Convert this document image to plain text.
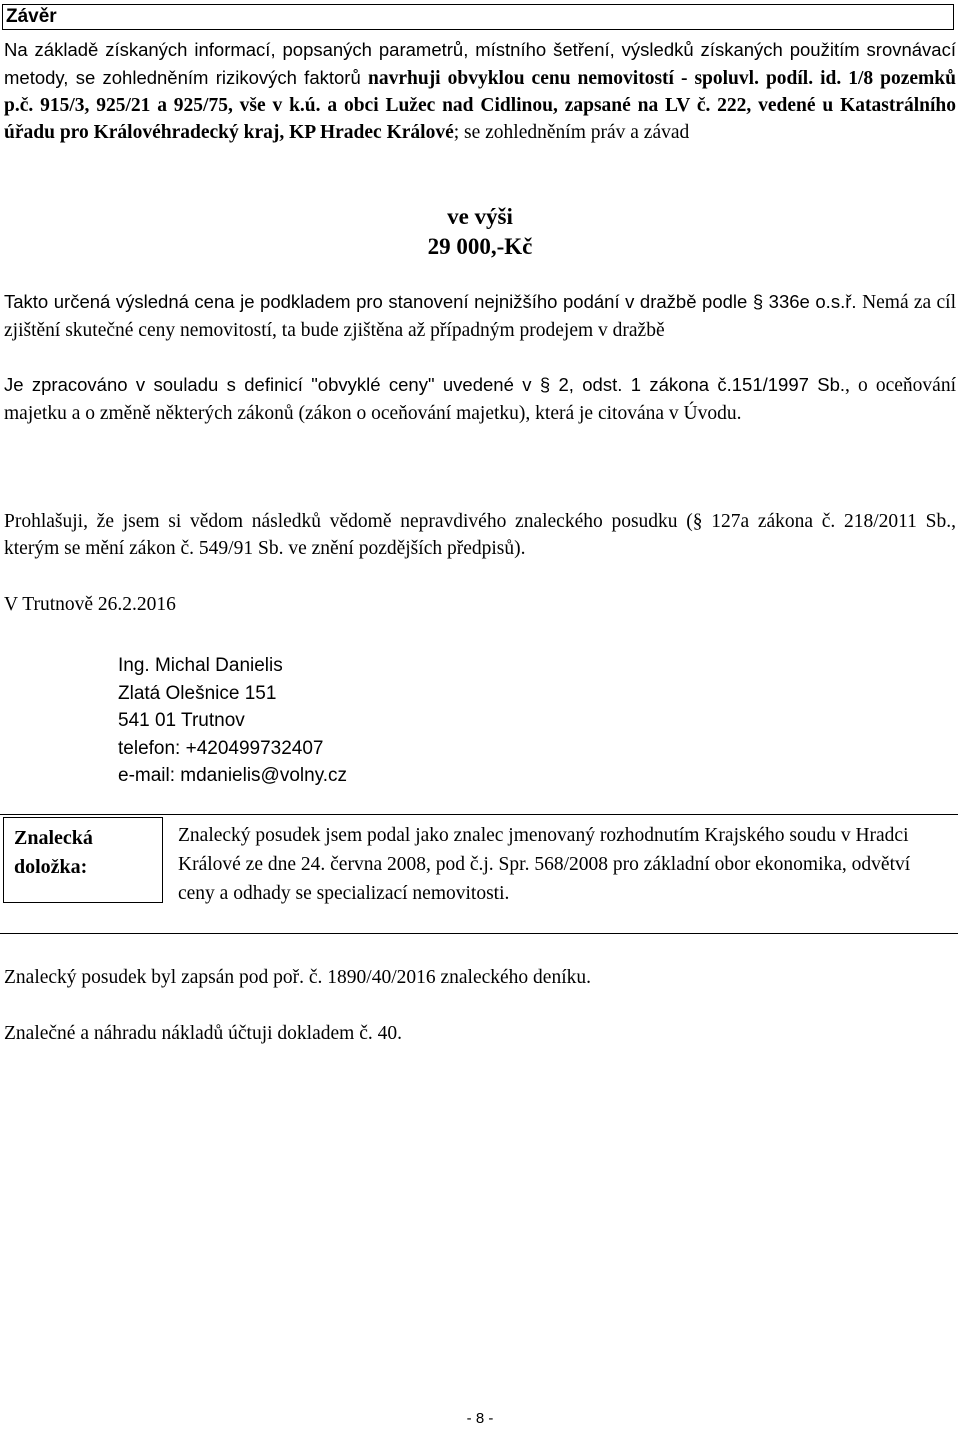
Závěr
Na základě získaných informací, popsaných parametrů, místního šetření, výsledků získaných použitím srovnávací metody, se zohledněním rizikových faktorů navrhuji obvyklou cenu nemovitostí - spoluvl. podíl. id. 1/8 pozemků p.č. 915/3, 925/21 a 925/75, vše v k.ú. a obci Lužec nad Cidlinou, zapsané na LV č. 222, vedené u Katastrálního úřadu pro Královéhradecký kraj, KP Hradec Králové; se zohledněním práv a závad
ve výši
29 000,-Kč
Takto určená výsledná cena je podkladem pro stanovení nejnižšího podání v dražbě podle § 336e o.s.ř. Nemá za cíl zjištění skutečné ceny nemovitostí, ta bude zjištěna až případným prodejem v dražbě
Je zpracováno v souladu s definicí "obvyklé ceny" uvedené v § 2, odst. 1 zákona č.151/1997 Sb., o oceňování majetku a o změně některých zákonů (zákon o oceňování majetku), která je citována v Úvodu.
Prohlašuji, že jsem si vědom následků vědomě nepravdivého znaleckého posudku (§ 127a zákona č. 218/2011 Sb., kterým se mění zákon č. 549/91 Sb. ve znění pozdějších předpisů).
V Trutnově 26.2.2016
Ing. Michal Danielis
Zlatá Olešnice 151
541 01 Trutnov
telefon: +420499732407
e-mail: mdanielis@volny.cz
Znalecká
doložka:
Znalecký posudek jsem podal jako znalec jmenovaný rozhodnutím Krajského soudu v Hradci Králové ze dne 24. června 2008, pod č.j. Spr. 568/2008 pro základní obor ekonomika, odvětví ceny a odhady se specializací nemovitosti.
Znalecký posudek byl zapsán pod poř. č. 1890/40/2016 znaleckého deníku.
Znalečné a náhradu nákladů účtuji dokladem č. 40.
- 8 -
